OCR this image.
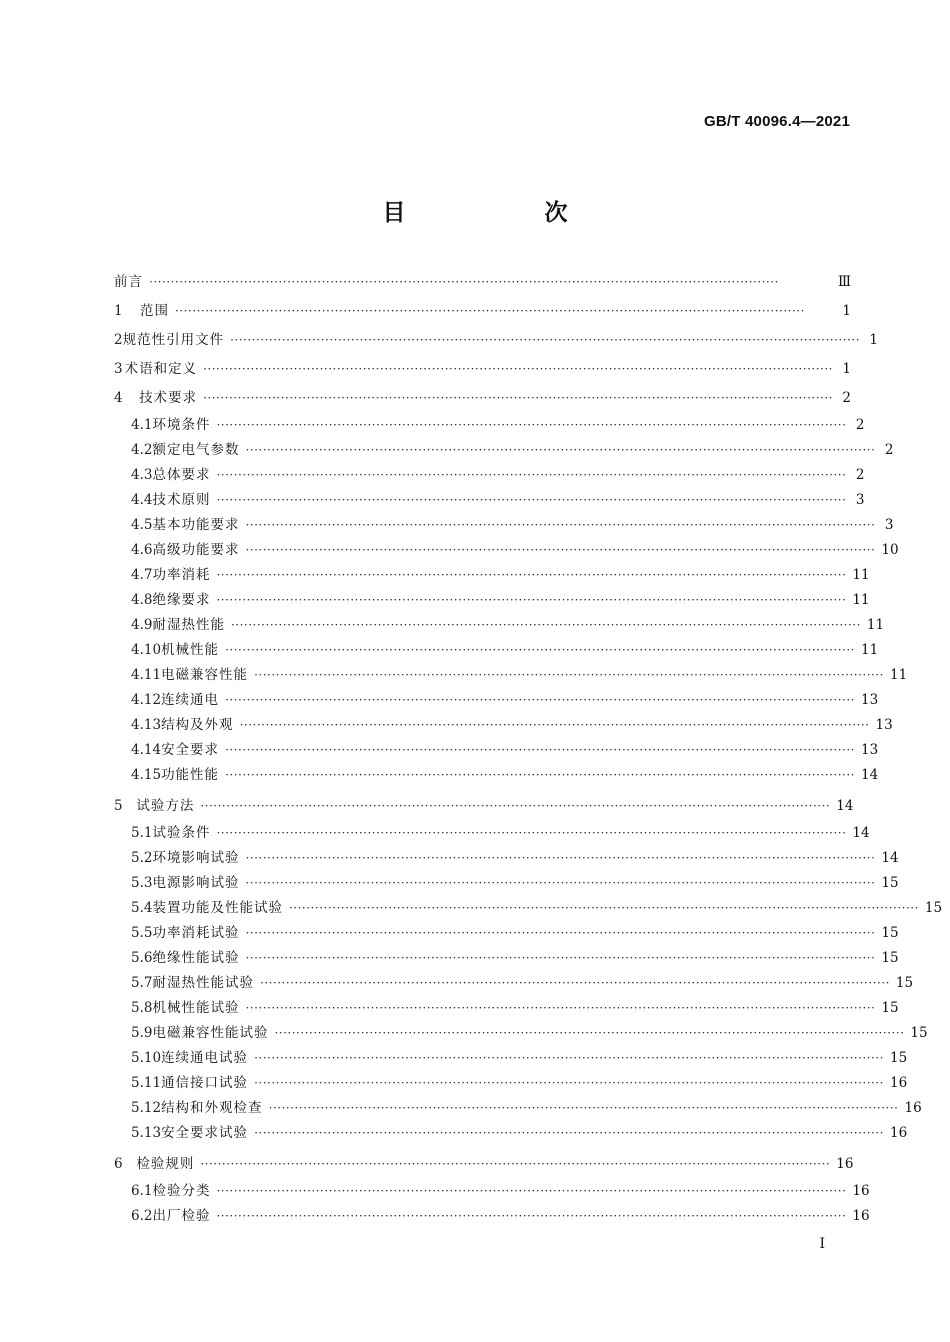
GB/T 40096.4—2021
目　次
前言 ··················································································································································	Ⅲ
1	范围 ··················································································································································	1
2 规范性引用文件 ·················································································································································· 1
3 术语和定义 ·················································································································································· 1
4	技术要求 ·················································································································································· 2
4.1 环境条件 ·················································································································································· 2
4.2 额定电气参数 ·················································································································································· 2
4.3 总体要求 ·················································································································································· 2
4.4 技术原则 ·················································································································································· 3
4.5 基本功能要求 ·················································································································································· 3
4.6 高级功能要求 ·················································································································································· 10
4.7 功率消耗 ·················································································································································· 11
4.8 绝缘要求 ·················································································································································· 11
4.9 耐湿热性能 ·················································································································································· 11
4.10 机械性能 ·················································································································································· 11
4.11 电磁兼容性能 ·················································································································································· 11
4.12 连续通电 ·················································································································································· 13
4.13 结构及外观 ·················································································································································· 13
4.14 安全要求 ·················································································································································· 13
4.15 功能性能 ·················································································································································· 14
5	试验方法 ·················································································································································· 14
5.1 试验条件 ·················································································································································· 14
5.2 环境影响试验 ·················································································································································· 14
5.3 电源影响试验 ·················································································································································· 15
5.4 装置功能及性能试验 ·················································································································································· 15
5.5 功率消耗试验 ·················································································································································· 15
5.6 绝缘性能试验 ·················································································································································· 15
5.7 耐湿热性能试验 ·················································································································································· 15
5.8 机械性能试验 ·················································································································································· 15
5.9 电磁兼容性能试验 ·················································································································································· 15
5.10 连续通电试验 ·················································································································································· 15
5.11 通信接口试验 ·················································································································································· 16
5.12 结构和外观检查 ·················································································································································· 16
5.13 安全要求试验 ·················································································································································· 16
6	检验规则 ·················································································································································· 16
6.1 检验分类 ·················································································································································· 16
6.2 出厂检验 ·················································································································································· 16
I
